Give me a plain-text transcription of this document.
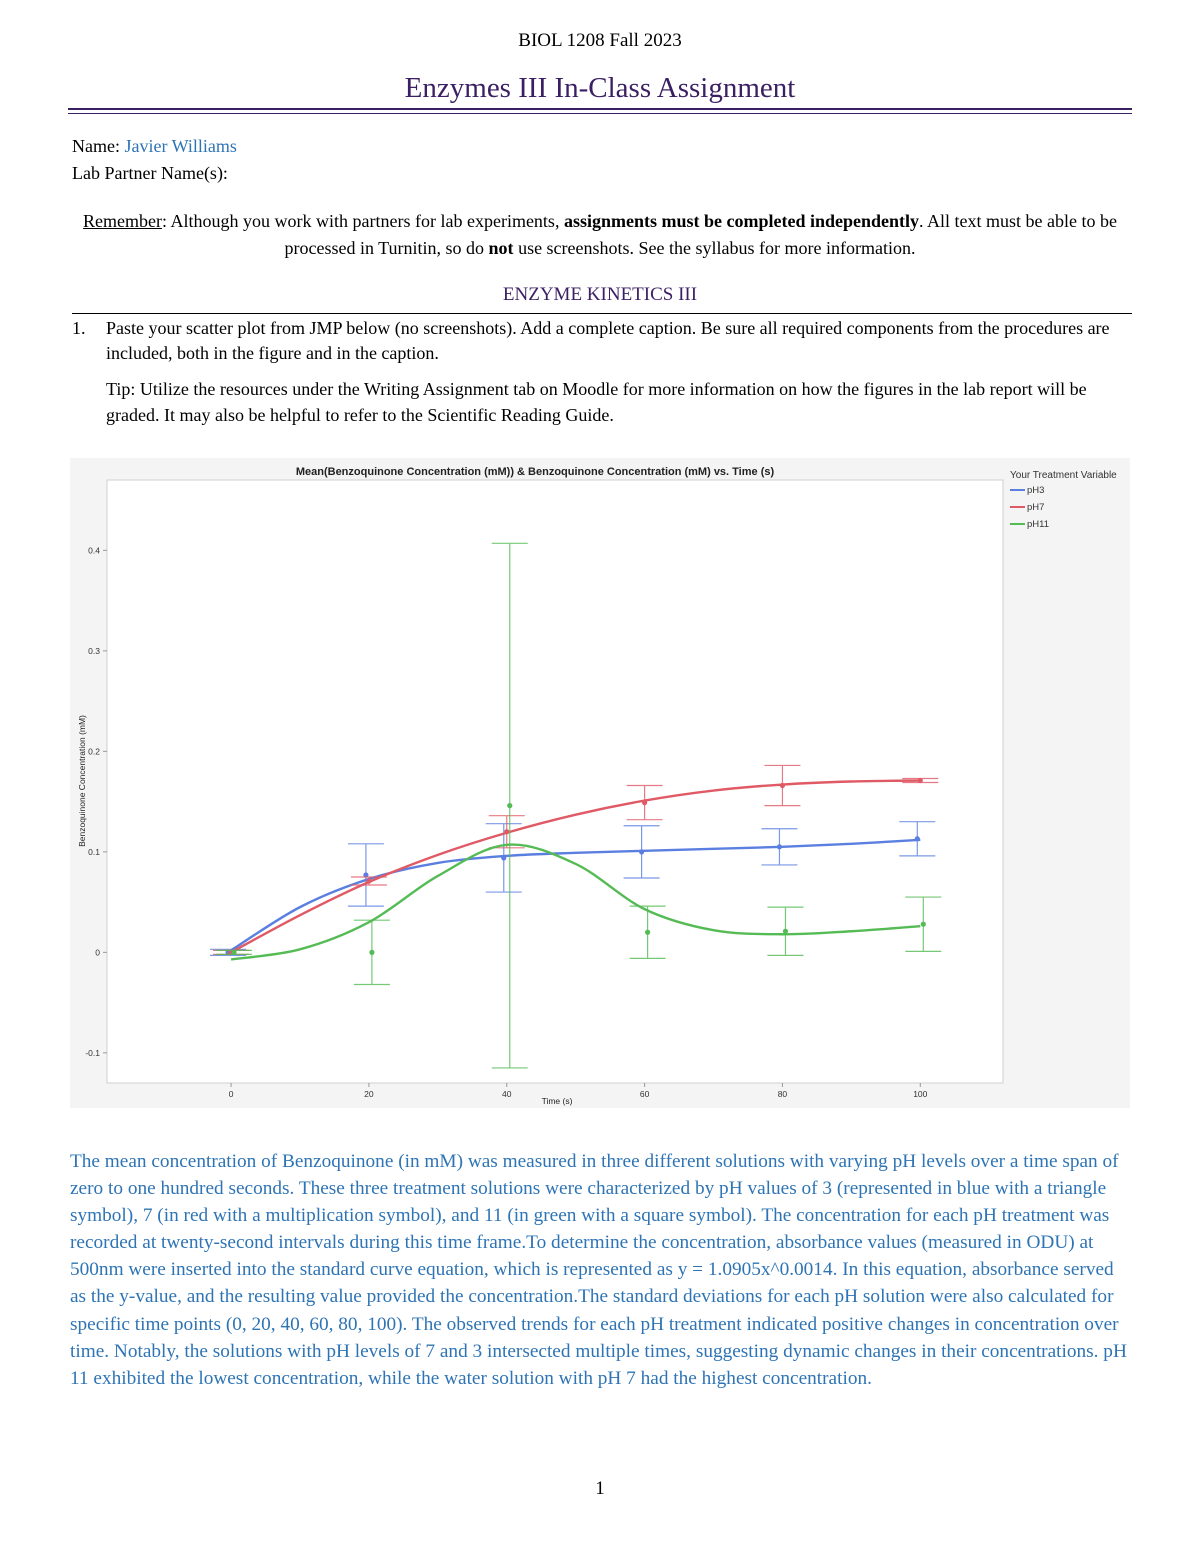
BIOL 1208 Fall 2023
Enzymes III In-Class Assignment
Name: Javier Williams
Lab Partner Name(s):
Remember: Although you work with partners for lab experiments, assignments must be completed independently. All text must be able to be processed in Turnitin, so do not use screenshots. See the syllabus for more information.
ENZYME KINETICS III
1. Paste your scatter plot from JMP below (no screenshots). Add a complete caption. Be sure all required components from the procedures are included, both in the figure and in the caption.
Tip: Utilize the resources under the Writing Assignment tab on Moodle for more information on how the figures in the lab report will be graded. It may also be helpful to refer to the Scientific Reading Guide.
Mean(Benzoquinone Concentration (mM)) & Benzoquinone Concentration (mM) vs. Time (s)
-0.1
0
0.1
0.2
0.3
0.4
0	20	40	60	80	100
Benzoquinone Concentration (mM)
Time (s)
Your Treatment Variable
pH3
pH7
pH11
The mean concentration of Benzoquinone (in mM) was measured in three different solutions with varying pH levels over a time span of zero to one hundred seconds. These three treatment solutions were characterized by pH values of 3 (represented in blue with a triangle symbol), 7 (in red with a multiplication symbol), and 11 (in green with a square symbol). The concentration for each pH treatment was recorded at twenty-second intervals during this time frame.To determine the concentration, absorbance values (measured in ODU) at 500nm were inserted into the standard curve equation, which is represented as y = 1.0905x^0.0014. In this equation, absorbance served as the y-value, and the resulting value provided the concentration.The standard deviations for each pH solution were also calculated for specific time points (0, 20, 40, 60, 80, 100). The observed trends for each pH treatment indicated positive changes in concentration over time. Notably, the solutions with pH levels of 7 and 3 intersected multiple times, suggesting dynamic changes in their concentrations. pH 11 exhibited the lowest concentration, while the water solution with pH 7 had the highest concentration.
1
